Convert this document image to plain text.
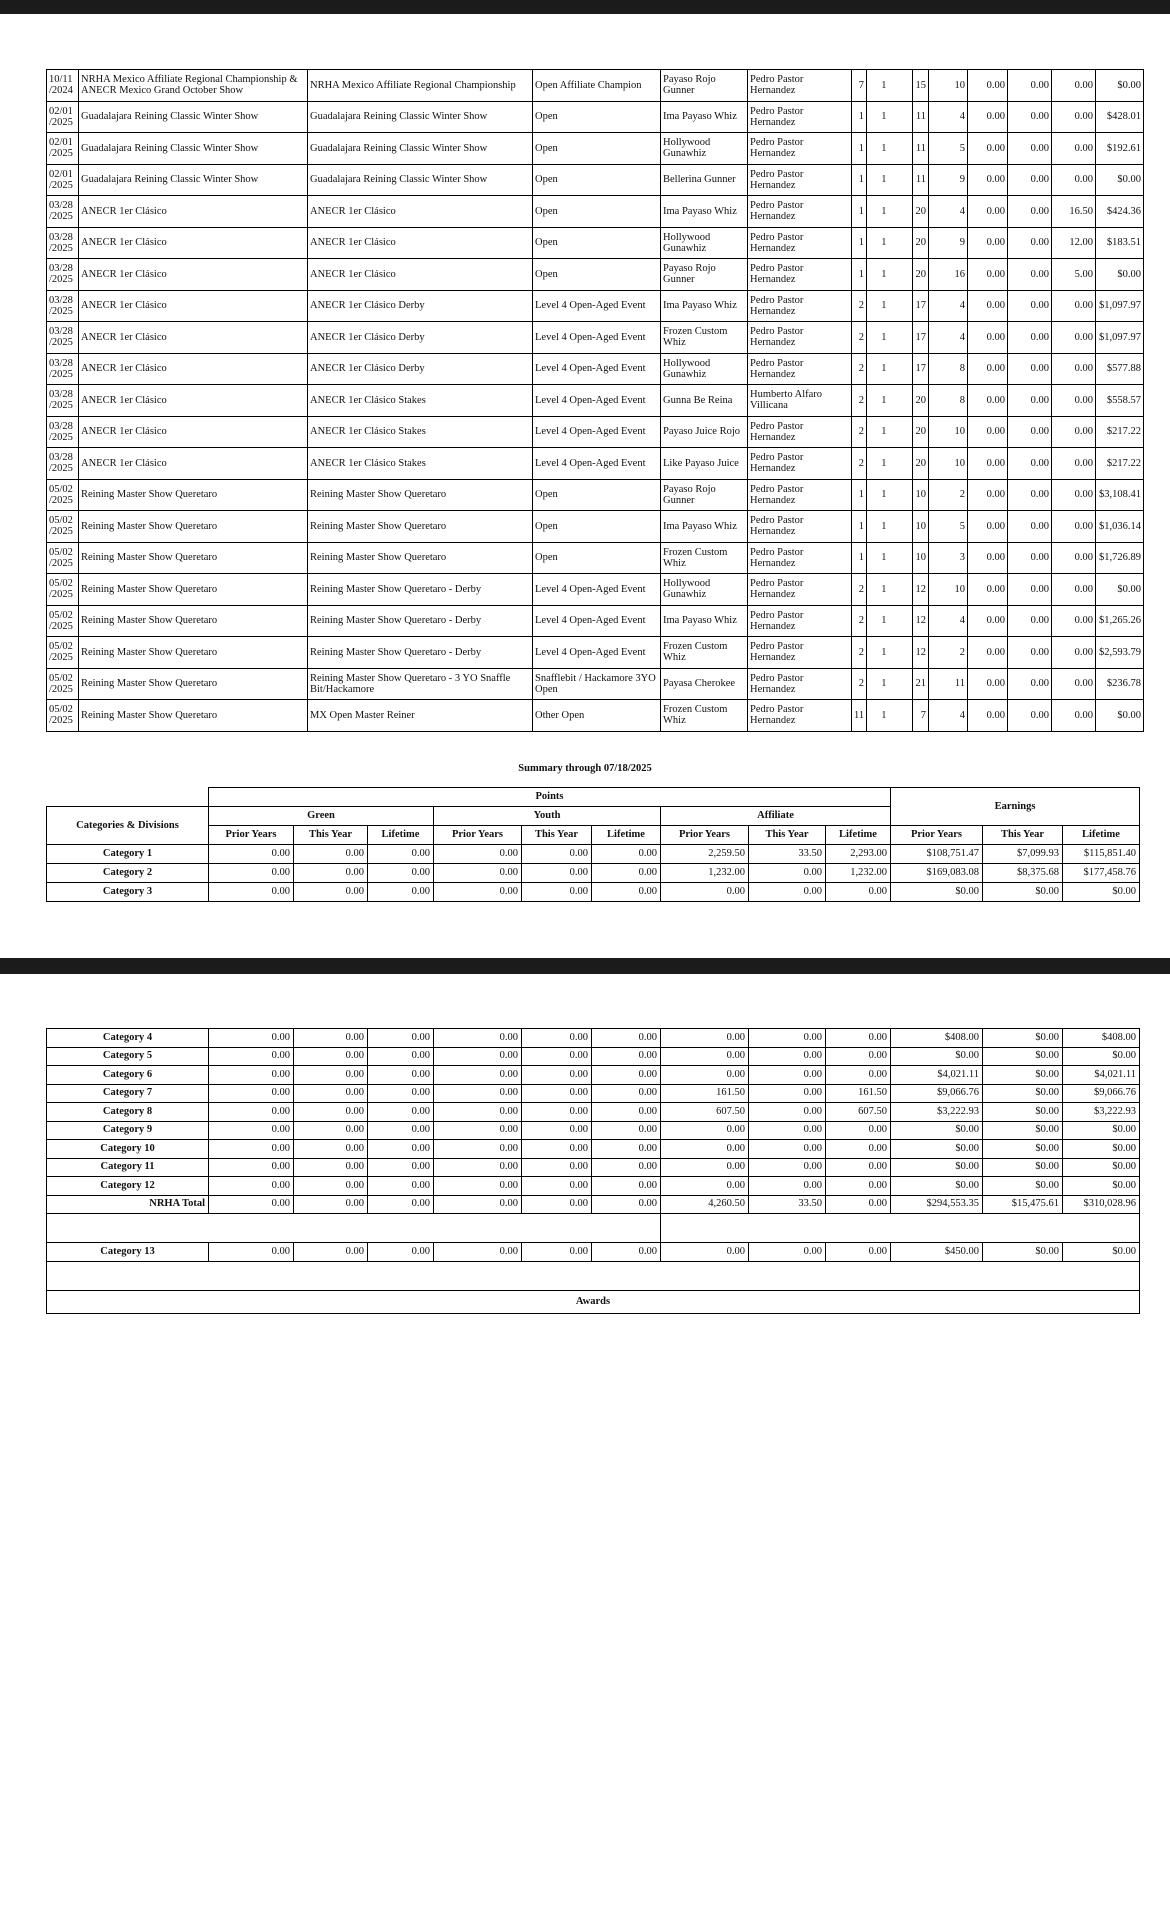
10/11 /2024	NRHA Mexico Affiliate Regional Championship & ANECR Mexico Grand October Show	NRHA Mexico Affiliate Regional Championship	Open Affiliate Champion	Payaso Rojo Gunner	Pedro Pastor Hernandez	7	1		15	10	0.00	0.00	0.00	$0.00
02/01 /2025	Guadalajara Reining Classic Winter Show	Guadalajara Reining Classic Winter Show	Open	Ima Payaso Whiz	Pedro Pastor Hernandez	1	1		11	4	0.00	0.00	0.00	$428.01
02/01 /2025	Guadalajara Reining Classic Winter Show	Guadalajara Reining Classic Winter Show	Open	Hollywood Gunawhiz	Pedro Pastor Hernandez	1	1		11	5	0.00	0.00	0.00	$192.61
02/01 /2025	Guadalajara Reining Classic Winter Show	Guadalajara Reining Classic Winter Show	Open	Bellerina Gunner	Pedro Pastor Hernandez	1	1		11	9	0.00	0.00	0.00	$0.00
03/28 /2025	ANECR 1er Clásico	ANECR 1er Clásico	Open	Ima Payaso Whiz	Pedro Pastor Hernandez	1	1		20	4	0.00	0.00	16.50	$424.36
03/28 /2025	ANECR 1er Clásico	ANECR 1er Clásico	Open	Hollywood Gunawhiz	Pedro Pastor Hernandez	1	1		20	9	0.00	0.00	12.00	$183.51
03/28 /2025	ANECR 1er Clásico	ANECR 1er Clásico	Open	Payaso Rojo Gunner	Pedro Pastor Hernandez	1	1		20	16	0.00	0.00	5.00	$0.00
03/28 /2025	ANECR 1er Clásico	ANECR 1er Clásico Derby	Level 4 Open-Aged Event	Ima Payaso Whiz	Pedro Pastor Hernandez	2	1		17	4	0.00	0.00	0.00	$1,097.97
03/28 /2025	ANECR 1er Clásico	ANECR 1er Clásico Derby	Level 4 Open-Aged Event	Frozen Custom Whiz	Pedro Pastor Hernandez	2	1		17	4	0.00	0.00	0.00	$1,097.97
03/28 /2025	ANECR 1er Clásico	ANECR 1er Clásico Derby	Level 4 Open-Aged Event	Hollywood Gunawhiz	Pedro Pastor Hernandez	2	1		17	8	0.00	0.00	0.00	$577.88
03/28 /2025	ANECR 1er Clásico	ANECR 1er Clásico Stakes	Level 4 Open-Aged Event	Gunna Be Reina	Humberto Alfaro Villicana	2	1		20	8	0.00	0.00	0.00	$558.57
03/28 /2025	ANECR 1er Clásico	ANECR 1er Clásico Stakes	Level 4 Open-Aged Event	Payaso Juice Rojo	Pedro Pastor Hernandez	2	1		20	10	0.00	0.00	0.00	$217.22
03/28 /2025	ANECR 1er Clásico	ANECR 1er Clásico Stakes	Level 4 Open-Aged Event	Like Payaso Juice	Pedro Pastor Hernandez	2	1		20	10	0.00	0.00	0.00	$217.22
05/02 /2025	Reining Master Show Queretaro	Reining Master Show Queretaro	Open	Payaso Rojo Gunner	Pedro Pastor Hernandez	1	1		10	2	0.00	0.00	0.00	$3,108.41
05/02 /2025	Reining Master Show Queretaro	Reining Master Show Queretaro	Open	Ima Payaso Whiz	Pedro Pastor Hernandez	1	1		10	5	0.00	0.00	0.00	$1,036.14
05/02 /2025	Reining Master Show Queretaro	Reining Master Show Queretaro	Open	Frozen Custom Whiz	Pedro Pastor Hernandez	1	1		10	3	0.00	0.00	0.00	$1,726.89
05/02 /2025	Reining Master Show Queretaro	Reining Master Show Queretaro - Derby	Level 4 Open-Aged Event	Hollywood Gunawhiz	Pedro Pastor Hernandez	2	1		12	10	0.00	0.00	0.00	$0.00
05/02 /2025	Reining Master Show Queretaro	Reining Master Show Queretaro - Derby	Level 4 Open-Aged Event	Ima Payaso Whiz	Pedro Pastor Hernandez	2	1		12	4	0.00	0.00	0.00	$1,265.26
05/02 /2025	Reining Master Show Queretaro	Reining Master Show Queretaro - Derby	Level 4 Open-Aged Event	Frozen Custom Whiz	Pedro Pastor Hernandez	2	1		12	2	0.00	0.00	0.00	$2,593.79
05/02 /2025	Reining Master Show Queretaro	Reining Master Show Queretaro - 3 YO Snaffle Bit/Hackamore	Snafflebit / Hackamore 3YO Open	Payasa Cherokee	Pedro Pastor Hernandez	2	1		21	11	0.00	0.00	0.00	$236.78
05/02 /2025	Reining Master Show Queretaro	MX Open Master Reiner	Other Open	Frozen Custom Whiz	Pedro Pastor Hernandez	11	1		7	4	0.00	0.00	0.00	$0.00
Summary through 07/18/2025
	Points									Earnings		
Categories & Divisions	Green			Youth			Affiliate					
	Prior Years	This Year	Lifetime	Prior Years	This Year	Lifetime	Prior Years	This Year	Lifetime	Prior Years	This Year	Lifetime
Category 1	0.00	0.00	0.00	0.00	0.00	0.00	2,259.50	33.50	2,293.00	$108,751.47	$7,099.93	$115,851.40
Category 2	0.00	0.00	0.00	0.00	0.00	0.00	1,232.00	0.00	1,232.00	$169,083.08	$8,375.68	$177,458.76
Category 3	0.00	0.00	0.00	0.00	0.00	0.00	0.00	0.00	0.00	$0.00	$0.00	$0.00
Category 4	0.00	0.00	0.00	0.00	0.00	0.00	0.00	0.00	0.00	$408.00	$0.00	$408.00
Category 5	0.00	0.00	0.00	0.00	0.00	0.00	0.00	0.00	0.00	$0.00	$0.00	$0.00
Category 6	0.00	0.00	0.00	0.00	0.00	0.00	0.00	0.00	0.00	$4,021.11	$0.00	$4,021.11
Category 7	0.00	0.00	0.00	0.00	0.00	0.00	161.50	0.00	161.50	$9,066.76	$0.00	$9,066.76
Category 8	0.00	0.00	0.00	0.00	0.00	0.00	607.50	0.00	607.50	$3,222.93	$0.00	$3,222.93
Category 9	0.00	0.00	0.00	0.00	0.00	0.00	0.00	0.00	0.00	$0.00	$0.00	$0.00
Category 10	0.00	0.00	0.00	0.00	0.00	0.00	0.00	0.00	0.00	$0.00	$0.00	$0.00
Category 11	0.00	0.00	0.00	0.00	0.00	0.00	0.00	0.00	0.00	$0.00	$0.00	$0.00
Category 12	0.00	0.00	0.00	0.00	0.00	0.00	0.00	0.00	0.00	$0.00	$0.00	$0.00
NRHA Total	0.00	0.00	0.00	0.00	0.00	0.00	4,260.50	33.50	0.00	$294,553.35	$15,475.61	$310,028.96

Category 13	0.00	0.00	0.00	0.00	0.00	0.00	0.00	0.00	0.00	$450.00	$0.00	$0.00

Awards												
